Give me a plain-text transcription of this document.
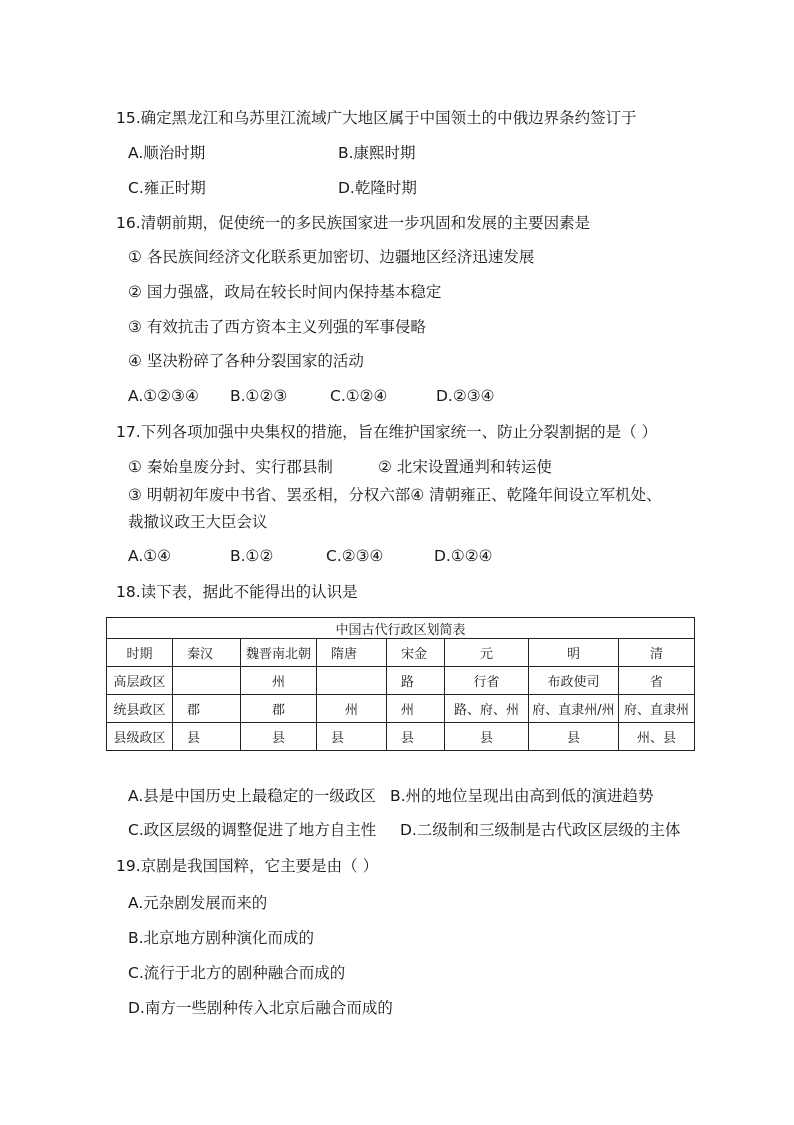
15.确定黑龙江和乌苏里江流域广大地区属于中国领土的中俄边界条约签订于
A.顺治时期	B.康熙时期
C.雍正时期	D.乾隆时期
16.清朝前期，促使统一的多民族国家进一步巩固和发展的主要因素是
① 各民族间经济文化联系更加密切、边疆地区经济迅速发展
② 国力强盛，政局在较长时间内保持基本稳定
③ 有效抗击了西方资本主义列强的军事侵略
④ 坚决粉碎了各种分裂国家的活动
A.①②③④ B.①②③	C.①②④	D.②③④
17.下列各项加强中央集权的措施，旨在维护国家统一、防止分裂割据的是（ ）
① 秦始皇废分封、实行郡县制	② 北宋设置通判和转运使
③ 明朝初年废中书省、罢丞相，分权六部④ 清朝雍正、乾隆年间设立军机处、
裁撤议政王大臣会议
A.①④	B.①②	C.②③④	D.①②④
18.读下表，据此不能得出的认识是
中国古代行政区划简表							
时期	秦汉	魏晋南北朝	隋唐	宋金	元	明	清
高层政区		州		路	行省	布政使司	省
统县政区	郡	郡	州	州	路、府、州	府、直隶州/州	府、直隶州
县级政区	县	县	县	县	县	县	州、县
A.县是中国历史上最稳定的一级政区 B.州的地位呈现出由高到低的演进趋势
C.政区层级的调整促进了地方自主性 D.二级制和三级制是古代政区层级的主体
19.京剧是我国国粹，它主要是由（ ）
A.元杂剧发展而来的
B.北京地方剧种演化而成的
C.流行于北方的剧种融合而成的
D.南方一些剧种传入北京后融合而成的
